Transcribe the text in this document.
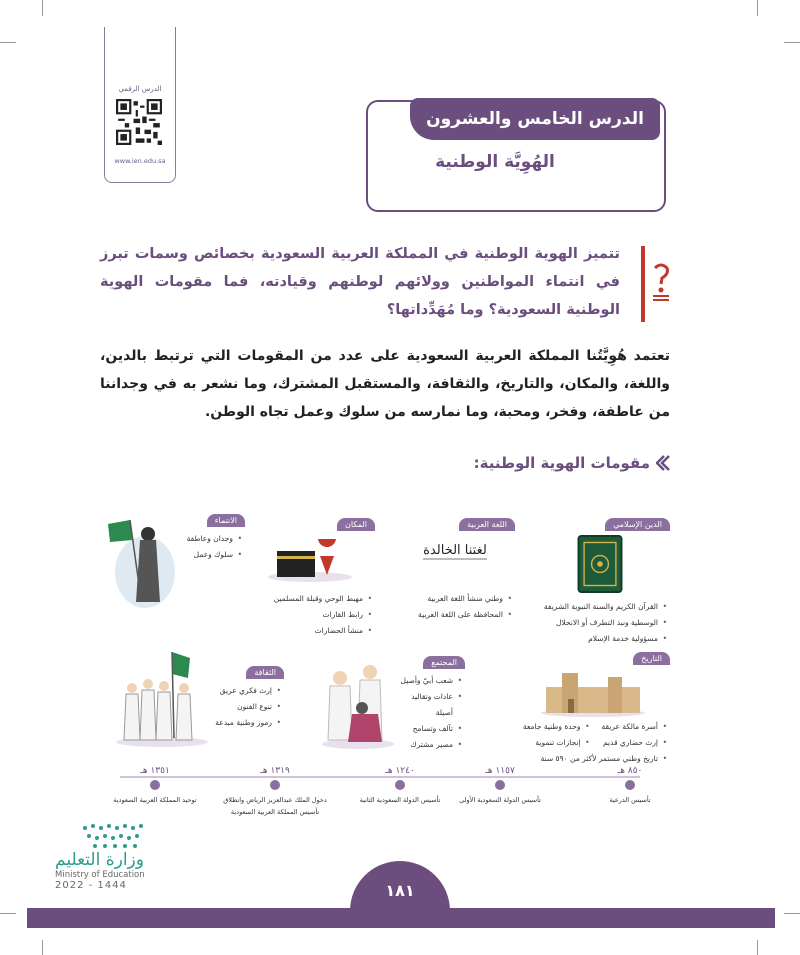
الدرس الرقمي
www.ien.edu.sa
الدرس الخامس والعشرون
الهُوِيَّة الوطنية
تتميز الهوية الوطنية في المملكة العربية السعودية بخصائص وسمات تبرز في انتماء المواطنين وولائهم لوطنهم وقيادته، فما مقومات الهوية الوطنية السعودية؟ وما مُهَدِّداتها؟
تعتمد هُوِيَّتُنا المملكة العربية السعودية على عدد من المقومات التي ترتبط بالدين، واللغة، والمكان، والتاريخ، والثقافة، والمستقبل المشترك، وما نشعر به في وجداننا من عاطفة، وفخر، ومحبة، وما نمارسه من سلوك وعمل تجاه الوطن.
مقومات الهوية الوطنية:
الدين الإسلامي
• القرآن الكريم والسنة النبوية الشريفة
• الوسطية ونبذ التطرف أو الانحلال
• مسؤولية خدمة الإسلام
اللغة العربية
لغتنا الخالدة
• وطني منشأ اللغة العربية
• المحافظة على اللغة العربية
المكان
• مهبط الوحي وقبلة المسلمين
• رابط القارات
• منشأ الحضارات
الانتماء
• وجدان وعاطفة
• سلوك وعمل
التاريخ
• أسرة مالكة عريقة
• إرث حضاري قديم
• وحدة وطنية جامعة
• إنجازات تنموية
• تاريخ وطني مستمر لأكثر من ٥٩٠ سنة
المجتمع
• شعب أبيّ وأصيل
• عادات وتقاليد أصيلة
• تآلف وتسامح
• مصير مشترك
الثقافة
• إرث فكري عريق
• تنوع الفنون
• رموز وطنية مبدعة
٨٥٠ هـ
تأسيس الدرعية
١١٥٧ هـ
تأسيس الدولة السعودية الأولى
١٢٤٠ هـ
تأسيس الدولة السعودية الثانية
١٣١٩ هـ
دخول الملك عبدالعزيز الرياض وانطلاق تأسيس المملكة العربية السعودية
١٣٥١ هـ
توحيد المملكة العربية السعودية
وزارة التعليم
Ministry of Education
2022 - 1444	١٨١
